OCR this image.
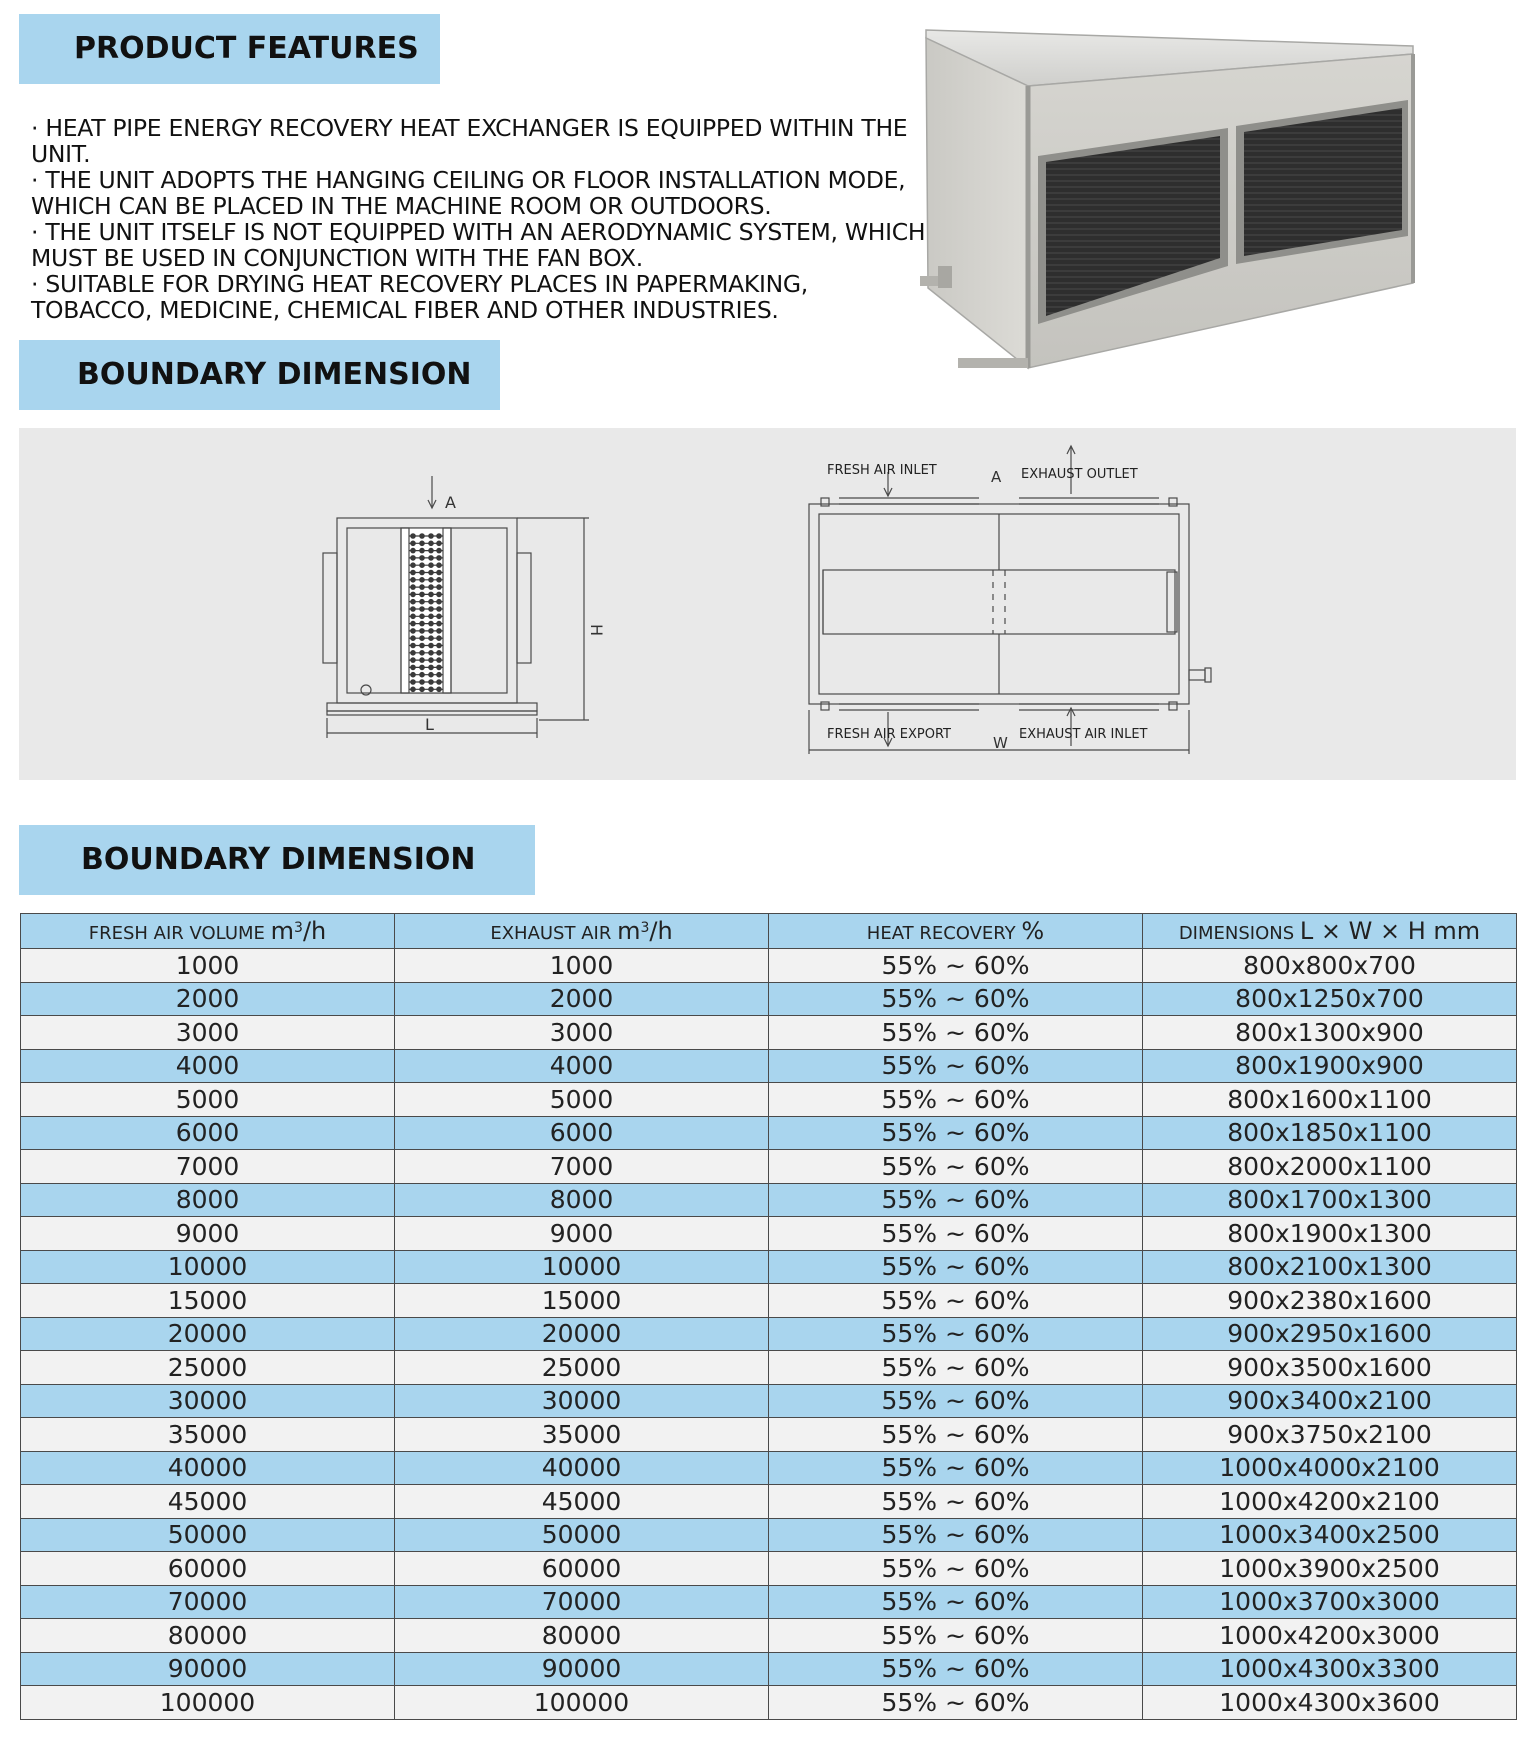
PRODUCT FEATURES

· HEAT PIPE ENERGY RECOVERY HEAT EXCHANGER IS EQUIPPED WITHIN THE UNIT.

· THE UNIT ADOPTS THE HANGING CEILING OR FLOOR INSTALLATION MODE, WHICH CAN BE PLACED IN THE MACHINE ROOM OR OUTDOORS.

· THE UNIT ITSELF IS NOT EQUIPPED WITH AN AERODYNAMIC SYSTEM, WHICH MUST BE USED IN CONJUNCTION WITH THE FAN BOX.

· SUITABLE FOR DRYING HEAT RECOVERY PLACES IN PAPERMAKING, TOBACCO, MEDICINE, CHEMICAL FIBER AND OTHER INDUSTRIES.

BOUNDARY DIMENSION
A
H
L
FRESH AIR INLET	EXHAUST OUTLET
A
FRESH AIR EXPORT	EXHAUST AIR INLET
W
BOUNDARY DIMENSION
FRESH AIR VOLUME $m^3/h$	EXHAUST AIR $m^3/h$	HEAT RECOVERY %	DIMENSIONS L × W × H mm
1000	1000	55% ~ 60%	800x800x700
2000	2000	55% ~ 60%	800x1250x700
3000	3000	55% ~ 60%	800x1300x900
4000	4000	55% ~ 60%	800x1900x900
5000	5000	55% ~ 60%	800x1600x1100
6000	6000	55% ~ 60%	800x1850x1100
7000	7000	55% ~ 60%	800x2000x1100
8000	8000	55% ~ 60%	800x1700x1300
9000	9000	55% ~ 60%	800x1900x1300
10000	10000	55% ~ 60%	800x2100x1300
15000	15000	55% ~ 60%	900x2380x1600
20000	20000	55% ~ 60%	900x2950x1600
25000	25000	55% ~ 60%	900x3500x1600
30000	30000	55% ~ 60%	900x3400x2100
35000	35000	55% ~ 60%	900x3750x2100
40000	40000	55% ~ 60%	1000x4000x2100
45000	45000	55% ~ 60%	1000x4200x2100
50000	50000	55% ~ 60%	1000x3400x2500
60000	60000	55% ~ 60%	1000x3900x2500
70000	70000	55% ~ 60%	1000x3700x3000
80000	80000	55% ~ 60%	1000x4200x3000
90000	90000	55% ~ 60%	1000x4300x3300
100000	100000	55% ~ 60%	1000x4300x3600
